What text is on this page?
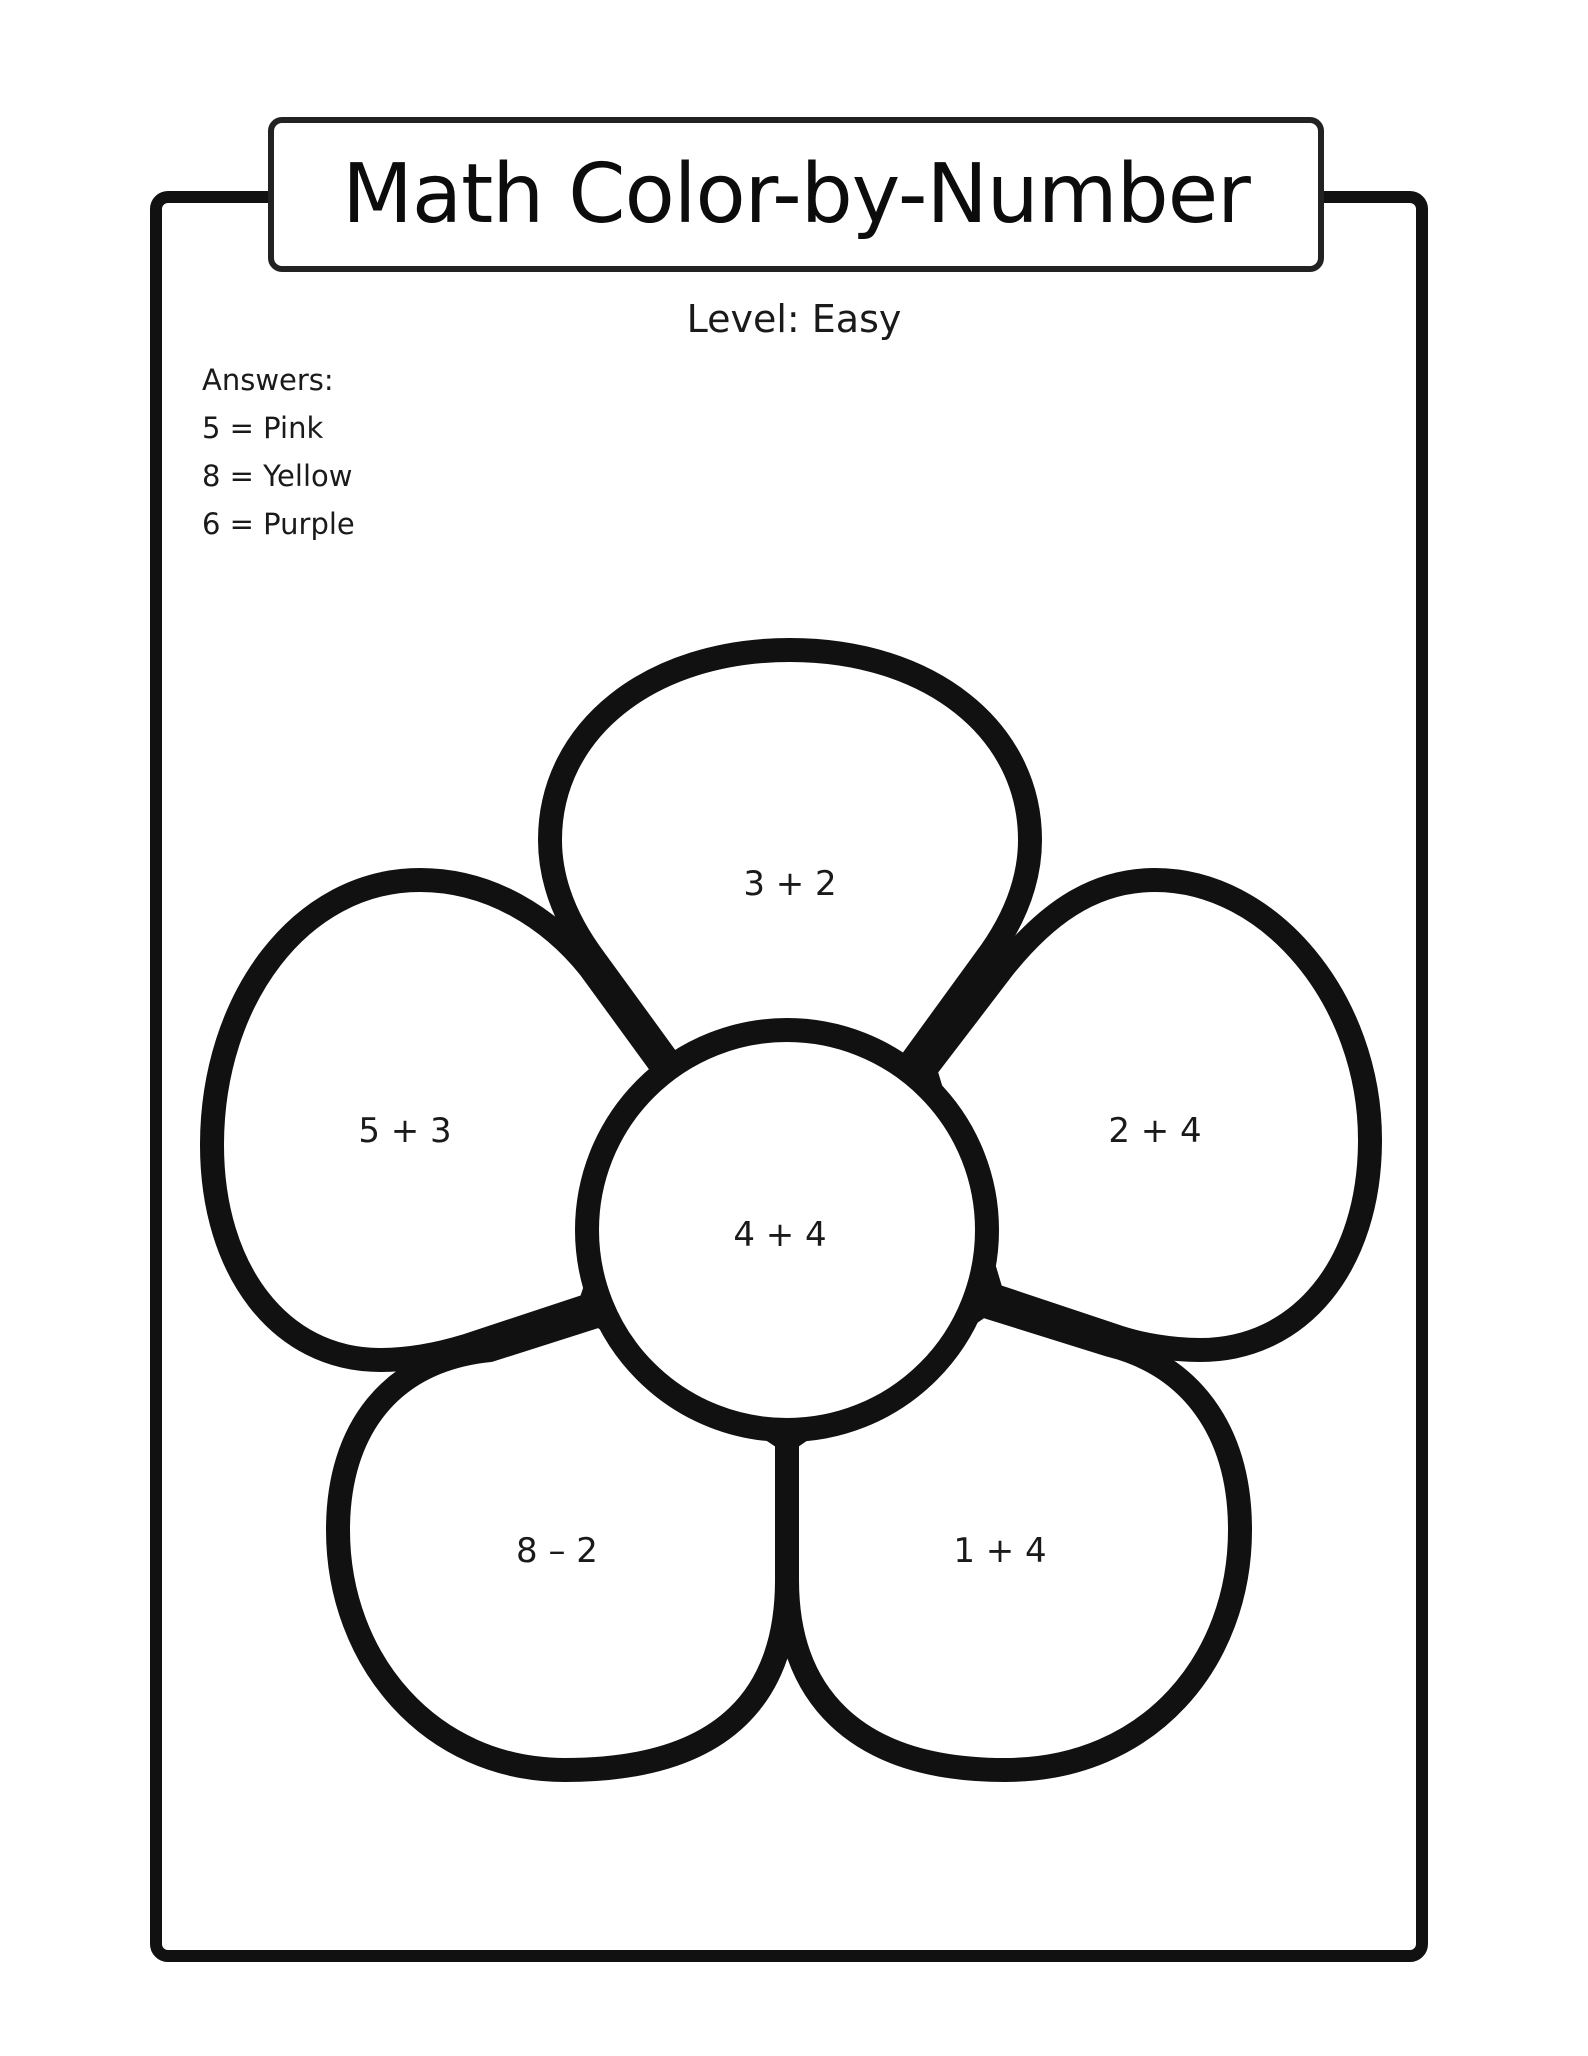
Math Color-by-Number
Level: Easy
Answers:
5 = Pink
8 = Yellow
6 = Purple
3 + 2
5 + 3	2 + 4
4 + 4
8 – 2	1 + 4
